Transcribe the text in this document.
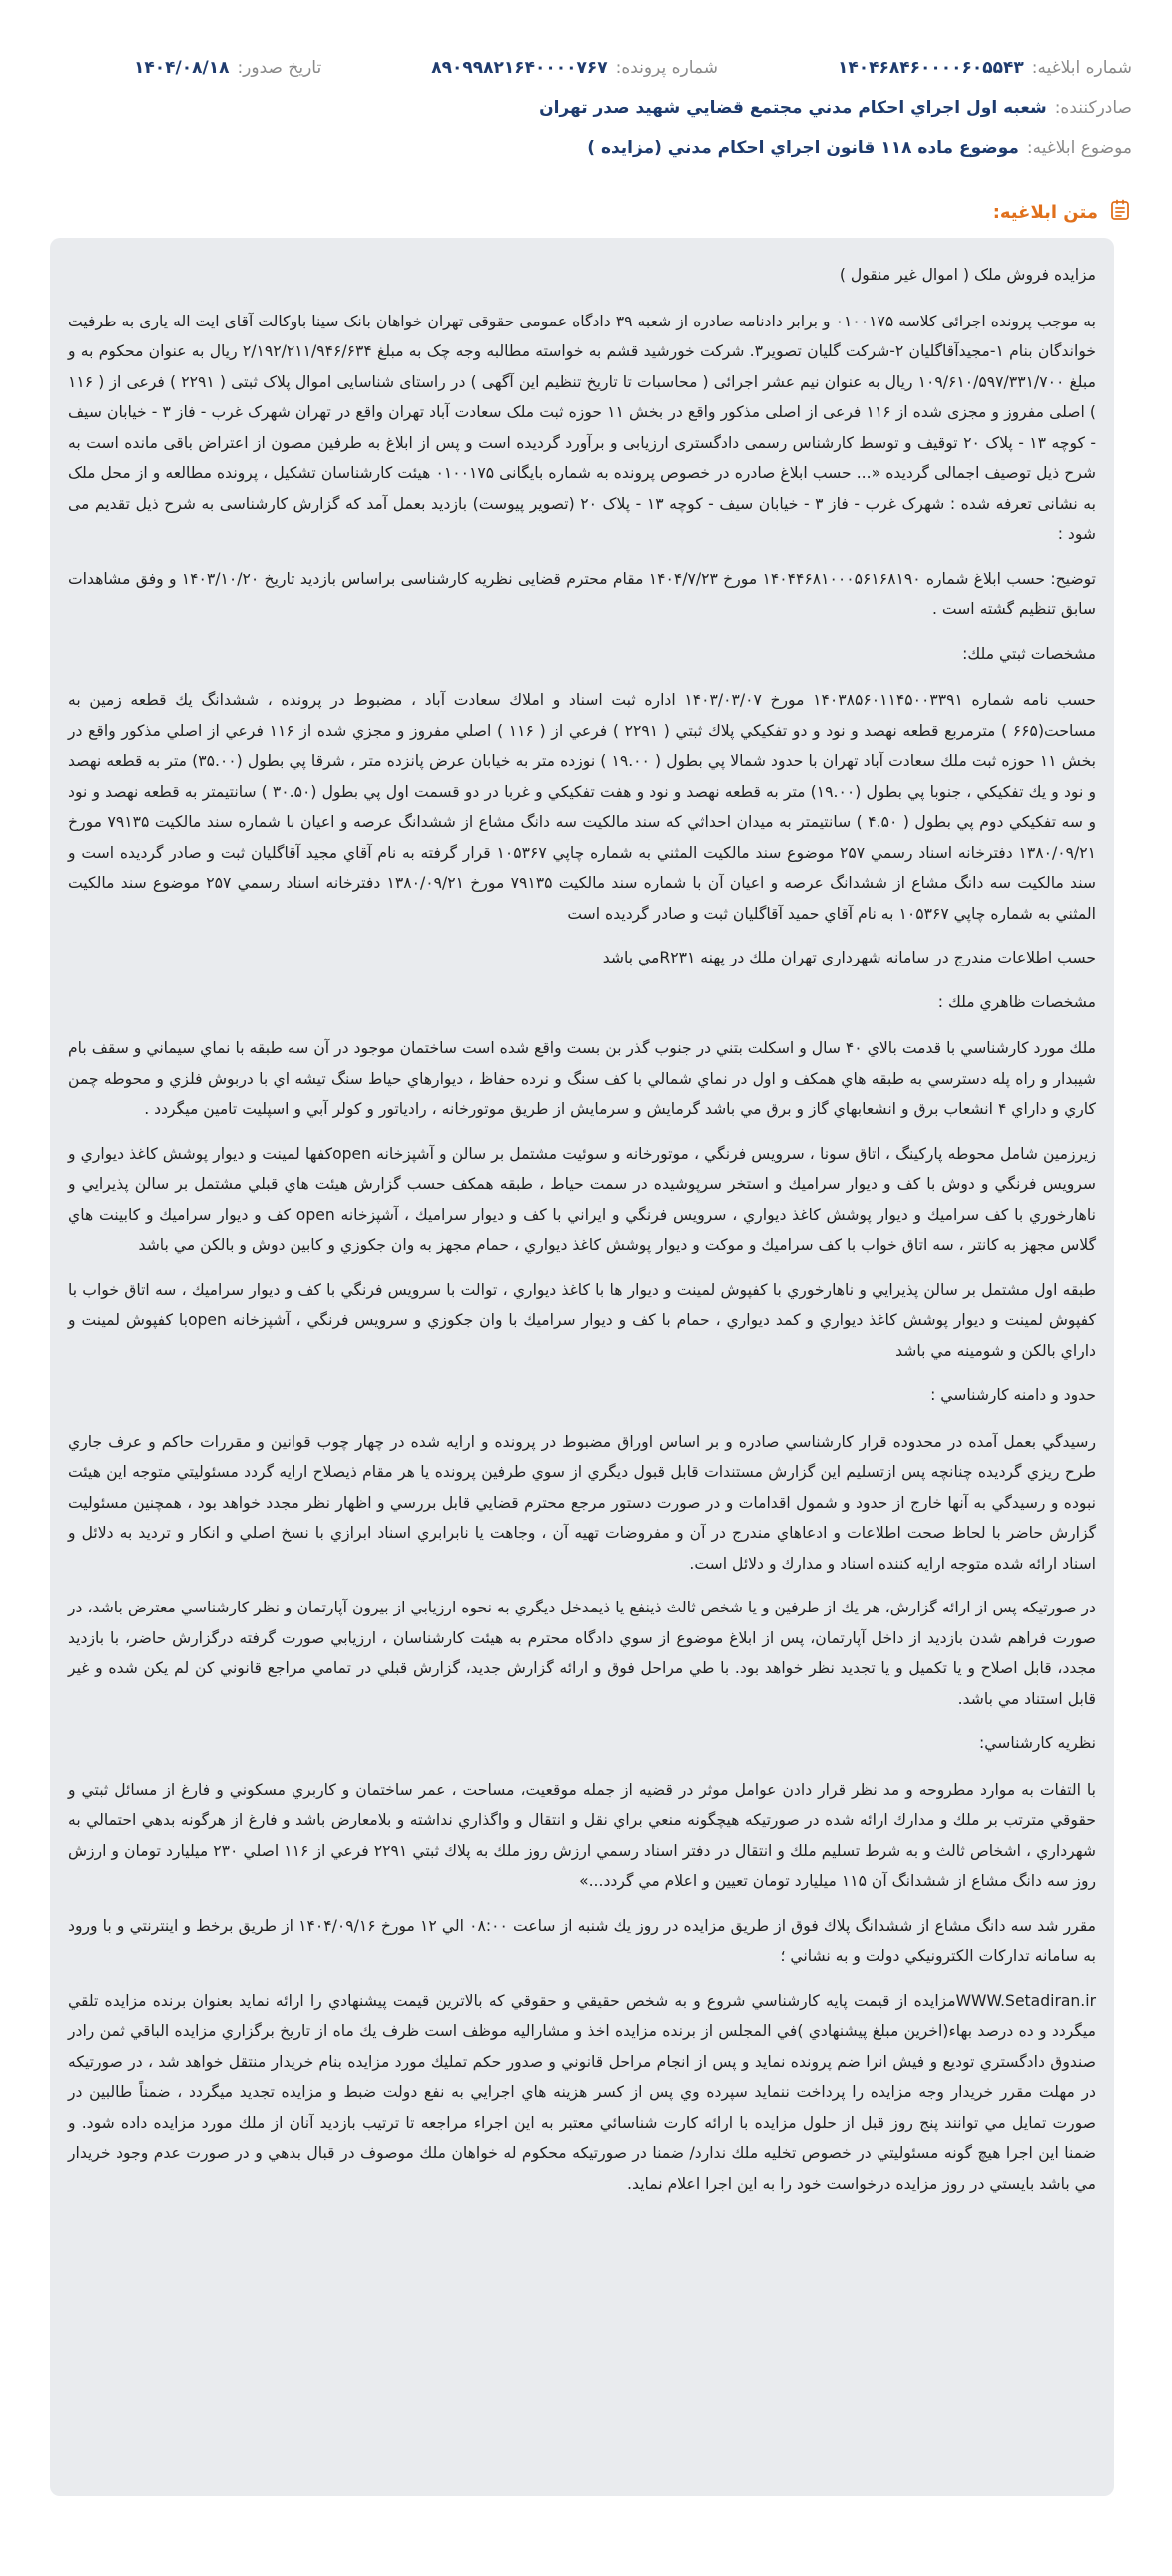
شماره ابلاغیه:
۱۴۰۴۶۸۴۶۰۰۰۰۶۰۵۵۴۳
شماره پرونده:
۸۹۰۹۹۸۲۱۶۴۰۰۰۰۷۶۷
تاریخ صدور:
۱۴۰۴/۰۸/۱۸
صادرکننده:
شعبه اول اجراي احكام مدني مجتمع قضايي شهيد صدر تهران
موضوع ابلاغیه:
موضوع ماده ۱۱۸ قانون اجراي احكام مدني (مزايده )
متن ابلاغیه:

مزایده فروش ملک ( اموال غیر منقول )

به موجب پرونده اجرائی کلاسه ۰۱۰۰۱۷۵ و برابر دادنامه صادره از شعبه ۳۹ دادگاه عمومی حقوقی تهران خواهان بانک سینا باوکالت آقای ایت اله یاری به طرفیت خواندگان بنام ۱-مجیدآقاگلیان ۲-شرکت گلیان تصویر۳. شرکت خورشید قشم به خواسته مطالبه وجه چک به مبلغ ۲/۱۹۲/۲۱۱/۹۴۶/۶۳۴ ریال به عنوان محکوم به و مبلغ ۱۰۹/۶۱۰/۵۹۷/۳۳۱/۷۰۰ ریال به عنوان نیم عشر اجرائی ( محاسبات تا تاریخ تنظیم این آگهی ) در راستای شناسایی اموال پلاک ثبتی ( ۲۲۹۱ ) فرعی از ( ۱۱۶ ) اصلی مفروز و مجزی شده از ۱۱۶ فرعی از اصلی مذکور واقع در بخش ۱۱ حوزه ثبت ملک سعادت آباد تهران واقع در تهران شهرک غرب - فاز ۳ - خیابان سیف - کوچه ۱۳ - پلاک ۲۰ توقیف و توسط کارشناس رسمی دادگستری ارزیابی و برآورد گردیده است و پس از ابلاغ به طرفین مصون از اعتراض باقی مانده است به شرح ذیل توصیف اجمالی گردیده «... حسب ابلاغ صادره در خصوص پرونده به شماره بایگانی ۰۱۰۰۱۷۵ هیئت کارشناسان تشکیل ، پرونده مطالعه و از محل ملک به نشانی تعرفه شده : شهرک غرب - فاز ۳ - خیابان سیف - کوچه ۱۳ - پلاک ۲۰ (تصویر پیوست) بازدید بعمل آمد که گزارش کارشناسی به شرح ذیل تقدیم می شود :

توضیح: حسب ابلاغ شماره ۱۴۰۴۴۶۸۱۰۰۰۵۶۱۶۸۱۹۰ مورخ ۱۴۰۴/۷/۲۳ مقام محترم قضایی نظریه کارشناسی براساس بازدید تاریخ ۱۴۰۳/۱۰/۲۰ و وفق مشاهدات سابق تنظیم گشته است .

مشخصات ثبتي ملك:

حسب نامه شماره ۱۴۰۳۸۵۶۰۱۱۴۵۰۰۳۳۹۱ مورخ ۱۴۰۳/۰۳/۰۷ اداره ثبت اسناد و املاك سعادت آباد ، مضبوط در پرونده ، ششدانگ يك قطعه زمين به مساحت(۶۶۵ ) مترمربع قطعه نهصد و نود و دو تفكيكي پلاك ثبتي ( ۲۲۹۱ ) فرعي از ( ۱۱۶ ) اصلي مفروز و مجزي شده از ۱۱۶ فرعي از اصلي مذكور واقع در بخش ۱۱ حوزه ثبت ملك سعادت آباد تهران با حدود شمالا پي بطول ( ۱۹.۰۰ ) نوزده متر به خيابان عرض پانزده متر ، شرقا پي بطول (۳۵.۰۰) متر به قطعه نهصد و نود و يك تفكيكي ، جنوبا پي بطول (۱۹.۰۰) متر به قطعه نهصد و نود و هفت تفكيكي و غربا در دو قسمت اول پي بطول (۳۰.۵۰ ) سانتيمتر به قطعه نهصد و نود و سه تفكيكي دوم پي بطول ( ۴.۵۰ ) سانتيمتر به ميدان احداثي كه سند مالكيت سه دانگ مشاع از ششدانگ عرصه و اعيان با شماره سند مالكيت ۷۹۱۳۵ مورخ ۱۳۸۰/۰۹/۲۱ دفترخانه اسناد رسمي ۲۵۷ موضوع سند مالكيت المثني به شماره چاپي ۱۰۵۳۶۷ قرار گرفته به نام آقاي مجيد آقاگليان ثبت و صادر گرديده است و سند مالكيت سه دانگ مشاع از ششدانگ عرصه و اعيان آن با شماره سند مالكيت ۷۹۱۳۵ مورخ ۱۳۸۰/۰۹/۲۱ دفترخانه اسناد رسمي ۲۵۷ موضوع سند مالكيت المثني به شماره چاپي ۱۰۵۳۶۷ به نام آقاي حميد آقاگليان ثبت و صادر گرديده است

حسب اطلاعات مندرج در سامانه شهرداري تهران ملك در پهنه R۲۳۱مي باشد

مشخصات ظاهري ملك :

ملك مورد كارشناسي با قدمت بالاي ۴۰ سال و اسكلت بتني در جنوب گذر بن بست واقع شده است ساختمان موجود در آن سه طبقه با نماي سيماني و سقف بام شيبدار و راه پله دسترسي به طبقه هاي همكف و اول در نماي شمالي با كف سنگ و نرده حفاظ ، ديوارهاي حياط سنگ تيشه اي با دربوش فلزي و محوطه چمن كاري و داراي ۴ انشعاب برق و انشعابهاي گاز و برق مي باشد گرمايش و سرمايش از طريق موتورخانه ، رادياتور و كولر آبي و اسپليت تامين ميگردد .

زيرزمين شامل محوطه پاركينگ ، اتاق سونا ، سرويس فرنگي ، موتورخانه و سوئيت مشتمل بر سالن و آشپزخانه openكفها لمينت و ديوار پوشش كاغذ ديواري و سرويس فرنگي و دوش با كف و ديوار سراميك و استخر سرپوشيده در سمت حياط ، طبقه همكف حسب گزارش هيئت هاي قبلي مشتمل بر سالن پذيرايي و ناهارخوري با كف سراميك و ديوار پوشش كاغذ ديواري ، سرويس فرنگي و ايراني با كف و ديوار سراميك ، آشپزخانه open كف و ديوار سراميك و كابينت هاي گلاس مجهز به كانتر ، سه اتاق خواب با كف سراميك و موكت و ديوار پوشش كاغذ ديواري ، حمام مجهز به وان جكوزي و كابين دوش و بالكن مي باشد

طبقه اول مشتمل بر سالن پذيرايي و ناهارخوري با كفپوش لمينت و ديوار ها با كاغذ ديواري ، توالت با سرويس فرنگي با كف و ديوار سراميك ، سه اتاق خواب با كفپوش لمينت و ديوار پوشش كاغذ ديواري و كمد ديواري ، حمام با كف و ديوار سراميك با وان جكوزي و سرويس فرنگي ، آشپزخانه openبا كفپوش لمينت و داراي بالكن و شومينه مي باشد

حدود و دامنه كارشناسي :

رسيدگي بعمل آمده در محدوده قرار كارشناسي صادره و بر اساس اوراق مضبوط در پرونده و ارايه شده در چهار چوب قوانين و مقررات حاكم و عرف جاري طرح ريزي گرديده چنانچه پس ازتسليم اين گزارش مستندات قابل قبول ديگري از سوي طرفين پرونده يا هر مقام ذيصلاح ارايه گردد مسئوليتي متوجه اين هيئت نبوده و رسيدگي به آنها خارج از حدود و شمول اقدامات و در صورت دستور مرجع محترم قضايي قابل بررسي و اظهار نظر مجدد خواهد بود ، همچنين مسئوليت گزارش حاضر با لحاظ صحت اطلاعات و ادعاهاي مندرج در آن و مفروضات تهيه آن ، وجاهت يا نابرابري اسناد ابرازي با نسخ اصلي و انكار و ترديد به دلائل و اسناد ارائه شده متوجه ارايه كننده اسناد و مدارك و دلائل است.

در صورتيكه پس از ارائه گزارش، هر يك از طرفين و يا شخص ثالث ذينفع يا ذيمدخل ديگري به نحوه ارزيابي از بيرون آپارتمان و نظر كارشناسي معترض باشد، در صورت فراهم شدن بازديد از داخل آپارتمان، پس از ابلاغ موضوع از سوي دادگاه محترم به هيئت كارشناسان ، ارزيابي صورت گرفته درگزارش حاضر، با بازديد مجدد، قابل اصلاح و يا تكميل و يا تجديد نظر خواهد بود. با طي مراحل فوق و ارائه گزارش جديد، گزارش قبلي در تمامي مراجع قانوني كن لم يكن شده و غير قابل استناد مي باشد.

نظريه كارشناسي:

با التفات به موارد مطروحه و مد نظر قرار دادن عوامل موثر در قضيه از جمله موقعيت، مساحت ، عمر ساختمان و كاربري مسكوني و فارغ از مسائل ثبتي و حقوقي مترتب بر ملك و مدارك ارائه شده در صورتيكه هيچگونه منعي براي نقل و انتقال و واگذاري نداشته و بلامعارض باشد و فارغ از هرگونه بدهي احتمالي به شهرداري ، اشخاص ثالث و به شرط تسليم ملك و انتقال در دفتر اسناد رسمي ارزش روز ملك به پلاك ثبتي ۲۲۹۱ فرعي از ۱۱۶ اصلي ۲۳۰ ميليارد تومان و ارزش روز سه دانگ مشاع از ششدانگ آن ۱۱۵ ميليارد تومان تعيين و اعلام مي گردد...»

مقرر شد سه دانگ مشاع از ششدانگ پلاك فوق از طريق مزايده در روز يك شنبه از ساعت ۰۸:۰۰ الي ۱۲ مورخ ۱۴۰۴/۰۹/۱۶ از طريق برخط و اينترنتي و با ورود به سامانه تداركات الكترونيكي دولت و به نشاني ؛

WWW.Setadiran.irمزايده از قيمت پايه كارشناسي شروع و به شخص حقيقي و حقوقي كه بالاترين قيمت پيشنهادي را ارائه نمايد بعنوان برنده مزايده تلقي ميگردد و ده درصد بهاء(اخرين مبلغ پيشنهادي )في المجلس از برنده مزايده اخذ و مشارالیه موظف است ظرف يك ماه از تاريخ برگزاري مزايده الباقي ثمن رادر صندوق دادگستري توديع و فيش انرا ضم پرونده نمايد و پس از انجام مراحل قانوني و صدور حكم تمليك مورد مزايده بنام خريدار منتقل خواهد شد ، در صورتيكه در مهلت مقرر خريدار وجه مزايده را پرداخت ننمايد سپرده وي پس از كسر هزينه هاي اجرايي به نفع دولت ضبط و مزايده تجديد ميگردد ، ضمناً طالبين در صورت تمايل مي توانند پنج روز قبل از حلول مزايده با ارائه كارت شناسائي معتبر به اين اجراء مراجعه تا ترتيب بازديد آنان از ملك مورد مزايده داده شود. و ضمنا اين اجرا هيچ گونه مسئوليتي در خصوص تخليه ملك ندارد/ ضمنا در صورتيكه محكوم له خواهان ملك موصوف در قبال بدهي و در صورت عدم وجود خريدار مي باشد بايستي در روز مزايده درخواست خود را به اين اجرا اعلام نمايد.
